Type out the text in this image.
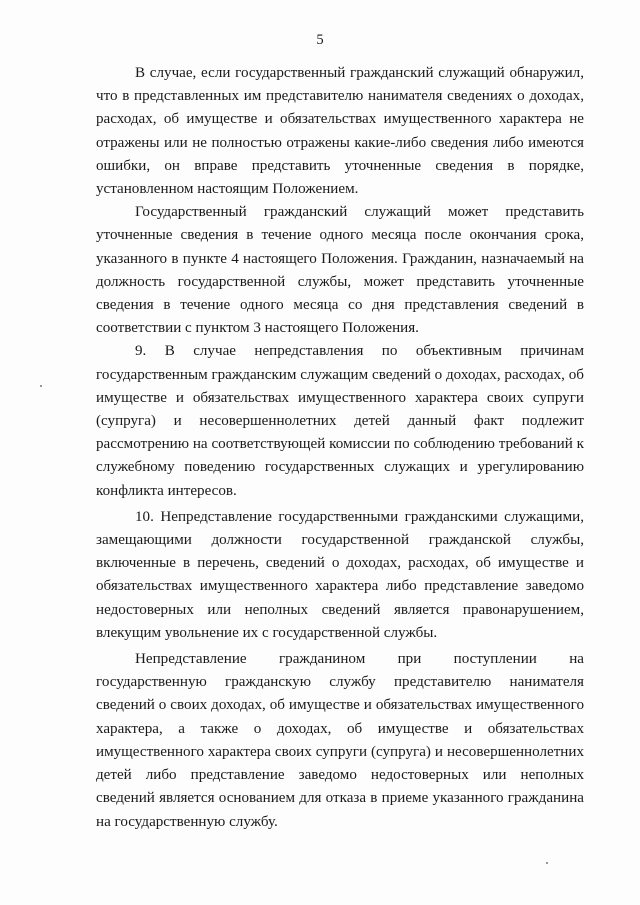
5

В случае, если государственный гражданский служащий обнаружил, что в представленных им представителю нанимателя сведениях о доходах, расходах, об имуществе и обязательствах имущественного характера не отражены или не полностью отражены какие-либо сведения либо имеются ошибки, он вправе представить уточненные сведения в порядке, установленном настоящим Положением.

Государственный гражданский служащий может представить уточненные сведения в течение одного месяца после окончания срока, указанного в пункте 4 настоящего Положения. Гражданин, назначаемый на должность государственной службы, может представить уточненные сведения в течение одного месяца со дня представления сведений в соответствии с пунктом 3 настоящего Положения.

9. В случае непредставления по объективным причинам государственным гражданским служащим сведений о доходах, расходах, об имуществе и обязательствах имущественного характера своих супруги (супруга) и несовершеннолетних детей данный факт подлежит рассмотрению на соответствующей комиссии по соблюдению требований к служебному поведению государственных служащих и урегулированию конфликта интересов.

10. Непредставление государственными гражданскими служащими, замещающими должности государственной гражданской службы, включенные в перечень, сведений о доходах, расходах, об имуществе и обязательствах имущественного характера либо представление заведомо недостоверных или неполных сведений является правонарушением, влекущим увольнение их с государственной службы.

Непредставление гражданином при поступлении на государственную гражданскую службу представителю нанимателя сведений о своих доходах, об имуществе и обязательствах имущественного характера, а также о доходах, об имуществе и обязательствах имущественного характера своих супруги (супруга) и несовершеннолетних детей либо представление заведомо недостоверных или неполных сведений является основанием для отказа в приеме указанного гражданина на государственную службу.
